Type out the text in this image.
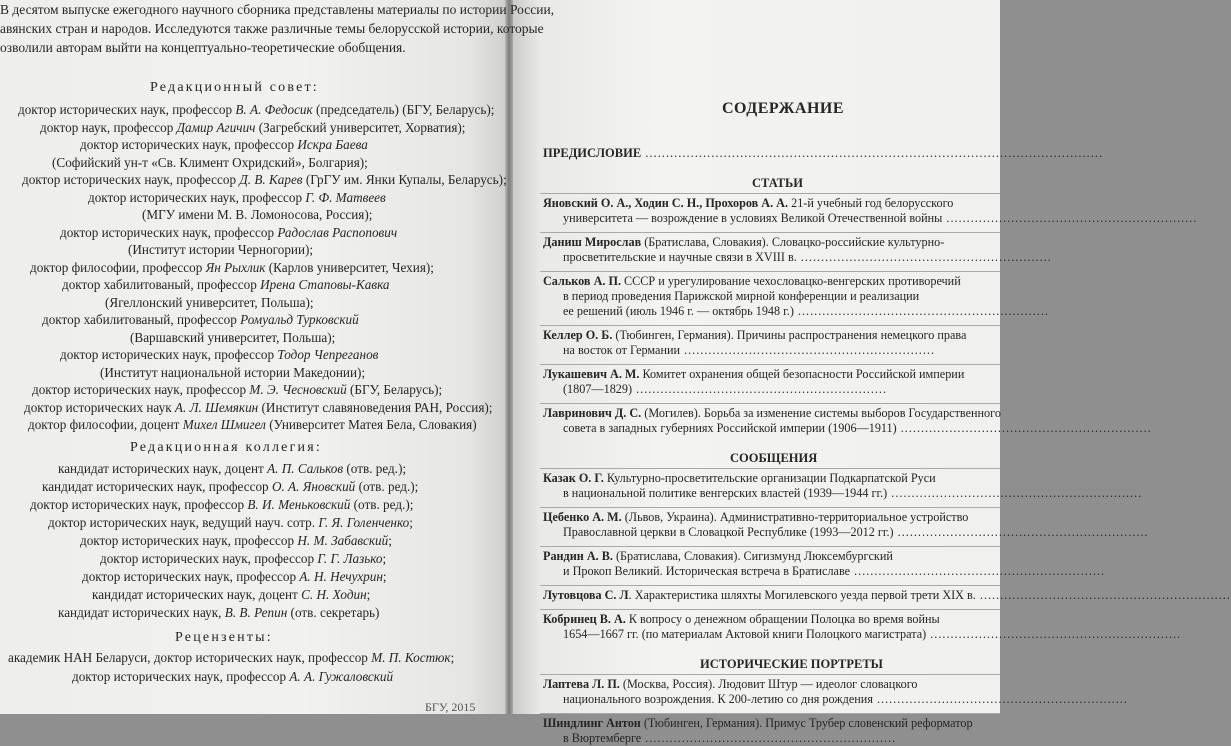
В десятом выпуске ежегодного научного сборника представлены материалы по истории России,
авянских стран и народов. Исследуются также различные темы белорусской истории, которые
озволили авторам выйти на концептуально-теоретические обобщения.
Редакционный совет:
доктор исторических наук, профессор В. А. Федосик (председатель) (БГУ, Беларусь);
доктор наук, профессор Дамир Агичич (Загребский университет, Хорватия);
доктор исторических наук, профессор Искра Баева
(Софийский ун-т «Св. Климент Охридский», Болгария);
доктор исторических наук, профессор Д. В. Карев (ГрГУ им. Янки Купалы, Беларусь);
доктор исторических наук, профессор Г. Ф. Матвеев
(МГУ имени М. В. Ломоносова, Россия);
доктор исторических наук, профессор Радослав Распопович
(Институт истории Черногории);
доктор философии, профессор Ян Рыхлик (Карлов университет, Чехия);
доктор хабилитованый, профессор Ирена Стаповы-Кавка
(Ягеллонский университет, Польша);
доктор хабилитованый, профессор Ромуальд Турковский
(Варшавский университет, Польша);
доктор исторических наук, профессор Тодор Чепреганов
(Институт национальной истории Македонии);
доктор исторических наук, профессор М. Э. Чесновский (БГУ, Беларусь);
доктор исторических наук А. Л. Шемякин (Институт славяноведения РАН, Россия);
доктор философии, доцент Михел Шмигел (Университет Матея Бела, Словакия)
Редакционная коллегия:
кандидат исторических наук, доцент А. П. Сальков (отв. ред.);
кандидат исторических наук, профессор О. А. Яновский (отв. ред.);
доктор исторических наук, профессор В. И. Меньковский (отв. ред.);
доктор исторических наук, ведущий науч. сотр. Г. Я. Голенченко;
доктор исторических наук, профессор Н. М. Забавский;
доктор исторических наук, профессор Г. Г. Лазько;
доктор исторических наук, профессор А. Н. Нечухрин;
кандидат исторических наук, доцент С. Н. Ходин;
кандидат исторических наук, В. В. Репин (отв. секретарь)
Рецензенты:
академик НАН Беларуси, доктор исторических наук, профессор М. П. Костюк;
доктор исторических наук, профессор А. А. Гужаловский
БГУ, 2015
СОДЕРЖАНИЕ
ПРЕДИСЛОВИЕ ...............................................................................................................
СТАТЬИ
Яновский О. А., Ходин С. Н., Прохоров А. А. 21-й учебный год белорусского
университета — возрождение в условиях Великой Отечественной войны ..............................................................
Даниш Мирослав (Братислава, Словакия). Словацко-российские культурно-
просветительские и научные связи в XVIII в. ..............................................................
Сальков А. П. СССР и урегулирование чехословацко-венгерских противоречий
в период проведения Парижской мирной конференции и реализации
ее решений (июль 1946 г. — октябрь 1948 г.) ..............................................................
Келлер О. Б. (Тюбинген, Германия). Причины распространения немецкого права
на восток от Германии ..............................................................
Лукашевич А. М. Комитет охранения общей безопасности Российской империи
(1807—1829) ..............................................................
Лавринович Д. С. (Могилев). Борьба за изменение системы выборов Государственного
совета в западных губерниях Российской империи (1906—1911) ..............................................................
СООБЩЕНИЯ
Казак О. Г. Культурно-просветительские организации Подкарпатской Руси
в национальной политике венгерских властей (1939—1944 гг.) ..............................................................
Цебенко А. М. (Львов, Украина). Административно-территориальное устройство
Православной церкви в Словацкой Республике (1993—2012 гг.) ..............................................................
Рандин А. В. (Братислава, Словакия). Сигизмунд Люксембургский
и Прокоп Великий. Историческая встреча в Братиславе ..............................................................
Лутовцова С. Л. Характеристика шляхты Могилевского уезда первой трети XIX в. ..............................................................
Кобринец В. А. К вопросу о денежном обращении Полоцка во время войны
1654—1667 гг. (по материалам Актовой книги Полоцкого магистрата) ..............................................................
ИСТОРИЧЕСКИЕ ПОРТРЕТЫ
Лаптева Л. П. (Москва, Россия). Людовит Штур — идеолог словацкого
национального возрождения. К 200-летию со дня рождения ..............................................................
Шиндлинг Антон (Тюбинген, Германия). Примус Трубер словенский реформатор
в Вюртемберге ..............................................................
